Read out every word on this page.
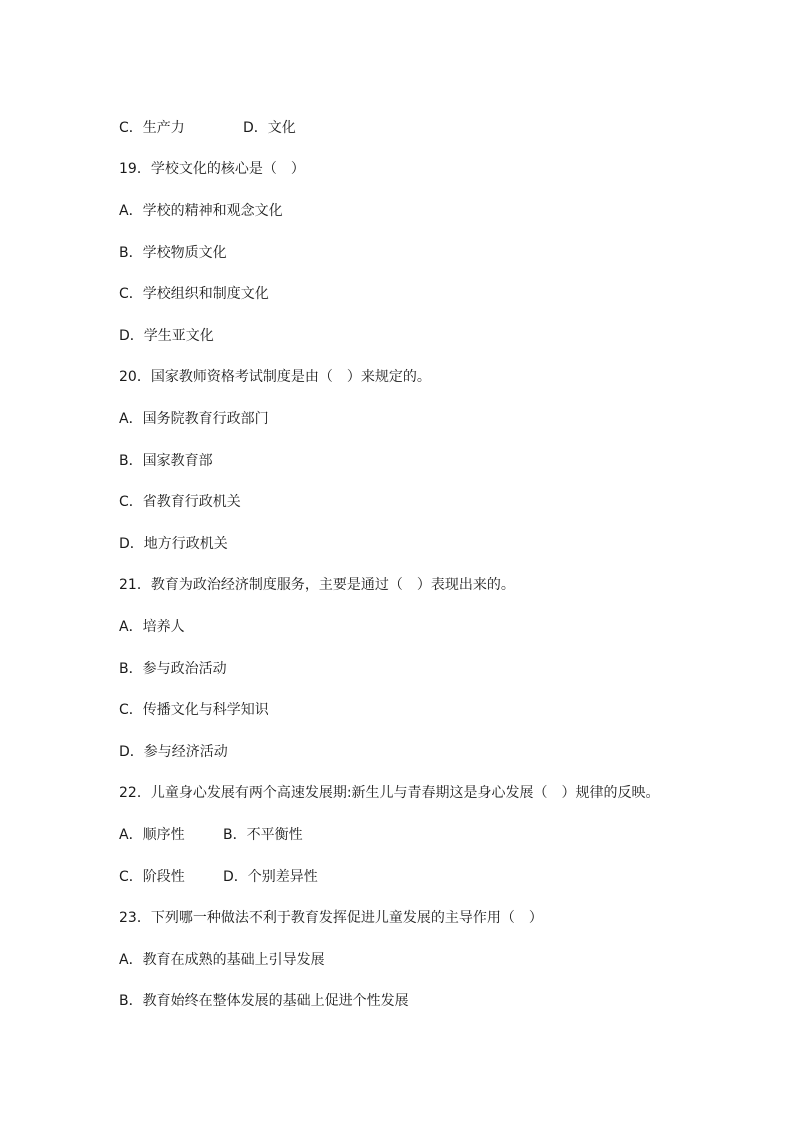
C．生产力	D．文化
19．学校文化的核心是（　）
A．学校的精神和观念文化
B．学校物质文化
C．学校组织和制度文化
D．学生亚文化
20．国家教师资格考试制度是由（　）来规定的。
A．国务院教育行政部门
B．国家教育部
C．省教育行政机关
D．地方行政机关
21．教育为政治经济制度服务，主要是通过（　）表现出来的。
A．培养人
B．参与政治活动
C．传播文化与科学知识
D．参与经济活动
22．儿童身心发展有两个高速发展期:新生儿与青春期这是身心发展（　）规律的反映。
A．顺序性	B．不平衡性
C．阶段性	D．个别差异性
23．下列哪一种做法不利于教育发挥促进儿童发展的主导作用（　）
A．教育在成熟的基础上引导发展
B．教育始终在整体发展的基础上促进个性发展
